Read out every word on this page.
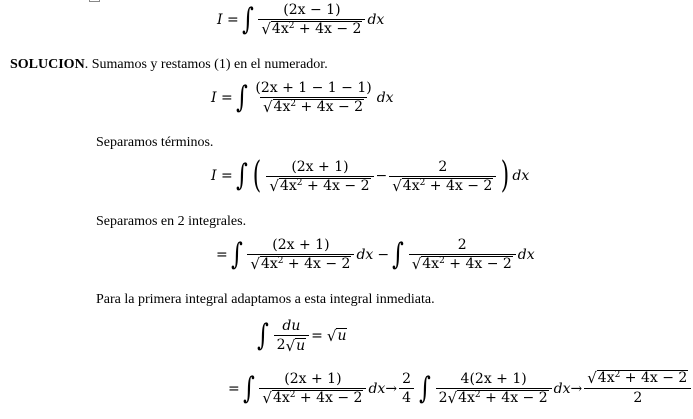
I = ∫ $\frac{(2x - 1)}{√ 4x^2 + 4x - 2}$ dx
SOLUCION . Sumamos y restamos (1) en el numerador.
I = ∫ $\frac{(2x + 1 - 1 - 1)}{√ 4x^2 + 4x - 2}$ dx
Separamos términos.
I = ∫ ( $\frac{(2x + 1)}{√ 4x^2 + 4x - 2} - \frac{2}{√ 4x^2 + 4x - 2}$ ) dx
Separamos en 2 integrales.
= ∫ $\frac{(2x + 1)}{√ 4x^2 + 4x - 2}$ dx − ∫ $\frac{2}{√ 4x^2 + 4x - 2}$ dx
Para la primera integral adaptamos a esta integral inmediata.
∫ $\frac{du}{2 √ u}$ = √ u
= ∫ $\frac{(2x + 1)}{√ 4x^2 + 4x - 2}$ dx → $\frac{2}{4}$ ∫ $\frac{4(2x + 1)}{2 √ 4x^2 + 4x - 2}$ dx → $\frac{√ 4x^2 + 4x - 2}{2}$
